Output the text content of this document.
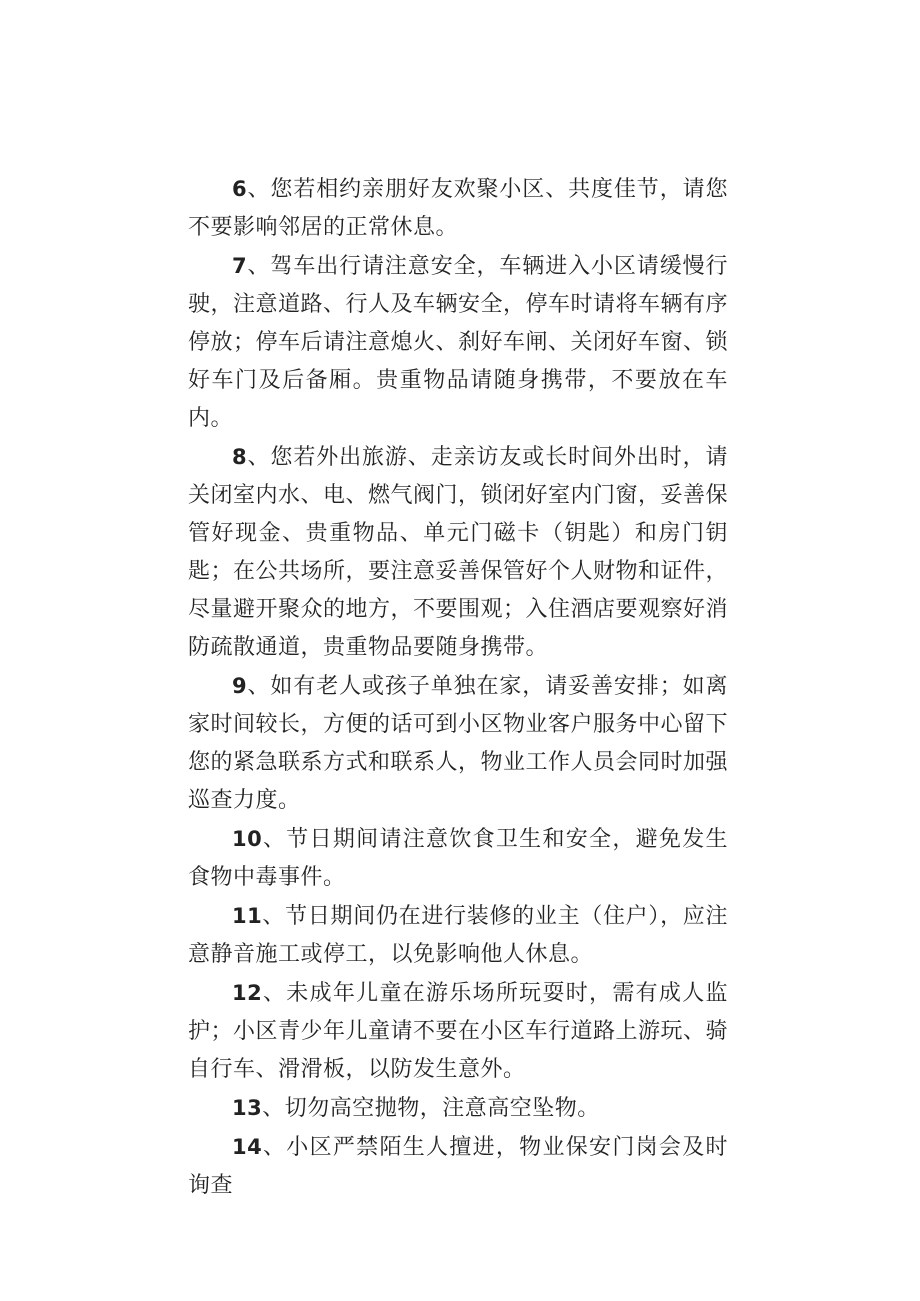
6、您若相约亲朋好友欢聚小区、共度佳节，请您不要影响邻居的正常休息。

7、驾车出行请注意安全，车辆进入小区请缓慢行驶，注意道路、行人及车辆安全，停车时请将车辆有序停放；停车后请注意熄火、刹好车闸、关闭好车窗、锁好车门及后备厢。贵重物品请随身携带，不要放在车内。

8、您若外出旅游、走亲访友或长时间外出时，请关闭室内水、电、燃气阀门，锁闭好室内门窗，妥善保管好现金、贵重物品、单元门磁卡（钥匙）和房门钥匙；在公共场所，要注意妥善保管好个人财物和证件，尽量避开聚众的地方，不要围观；入住酒店要观察好消防疏散通道，贵重物品要随身携带。

9、如有老人或孩子单独在家，请妥善安排；如离家时间较长，方便的话可到小区物业客户服务中心留下您的紧急联系方式和联系人，物业工作人员会同时加强巡查力度。

10、节日期间请注意饮食卫生和安全，避免发生食物中毒事件。

11、节日期间仍在进行装修的业主（住户），应注意静音施工或停工，以免影响他人休息。

12、未成年儿童在游乐场所玩耍时，需有成人监护；小区青少年儿童请不要在小区车行道路上游玩、骑自行车、滑滑板，以防发生意外。

13、切勿高空抛物，注意高空坠物。

14、小区严禁陌生人擅进，物业保安门岗会及时询查
